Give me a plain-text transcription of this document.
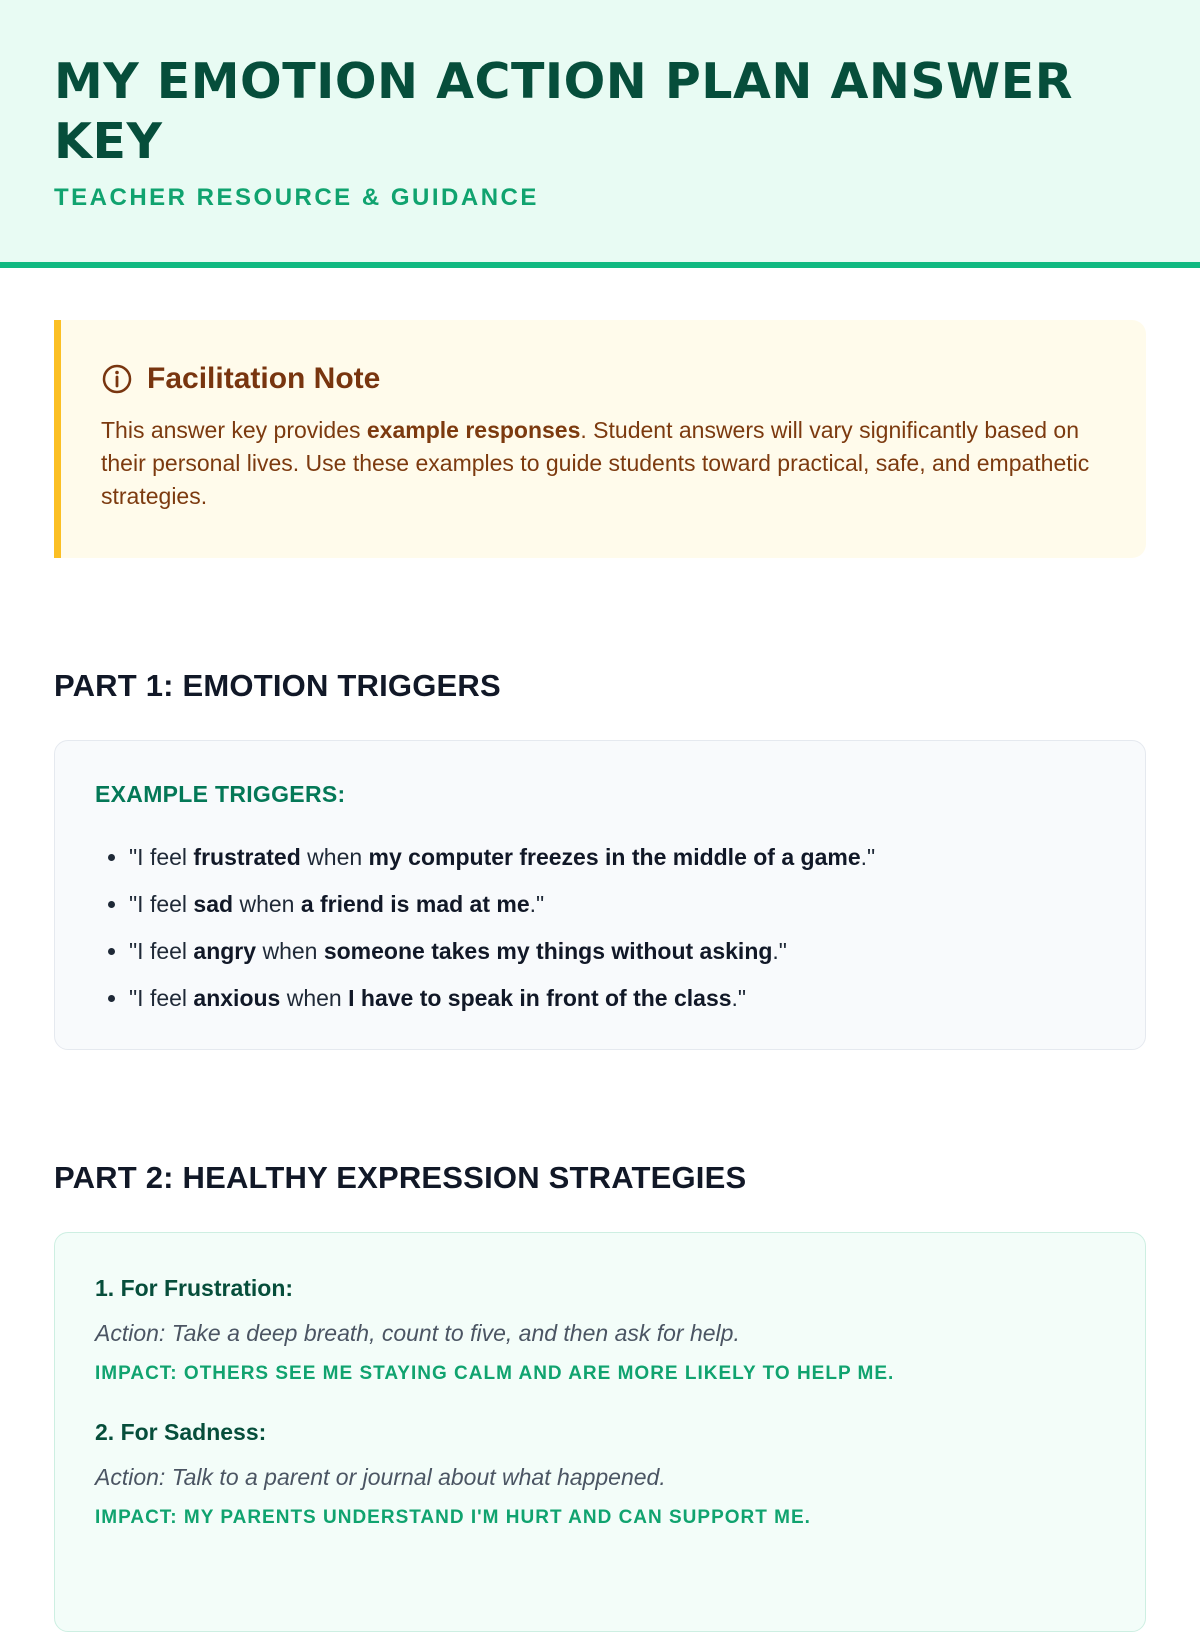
MY EMOTION ACTION PLAN ANSWER KEY
TEACHER RESOURCE & GUIDANCE
Facilitation Note
This answer key provides example responses. Student answers will vary significantly based on their personal lives. Use these examples to guide students toward practical, safe, and empathetic strategies.
PART 1: EMOTION TRIGGERS
EXAMPLE TRIGGERS:
• "I feel frustrated when my computer freezes in the middle of a game."
• "I feel sad when a friend is mad at me."
• "I feel angry when someone takes my things without asking."
• "I feel anxious when I have to speak in front of the class."
PART 2: HEALTHY EXPRESSION STRATEGIES
1. For Frustration:
Action: Take a deep breath, count to five, and then ask for help.
IMPACT: OTHERS SEE ME STAYING CALM AND ARE MORE LIKELY TO HELP ME.
2. For Sadness:
Action: Talk to a parent or journal about what happened.
IMPACT: MY PARENTS UNDERSTAND I'M HURT AND CAN SUPPORT ME.
